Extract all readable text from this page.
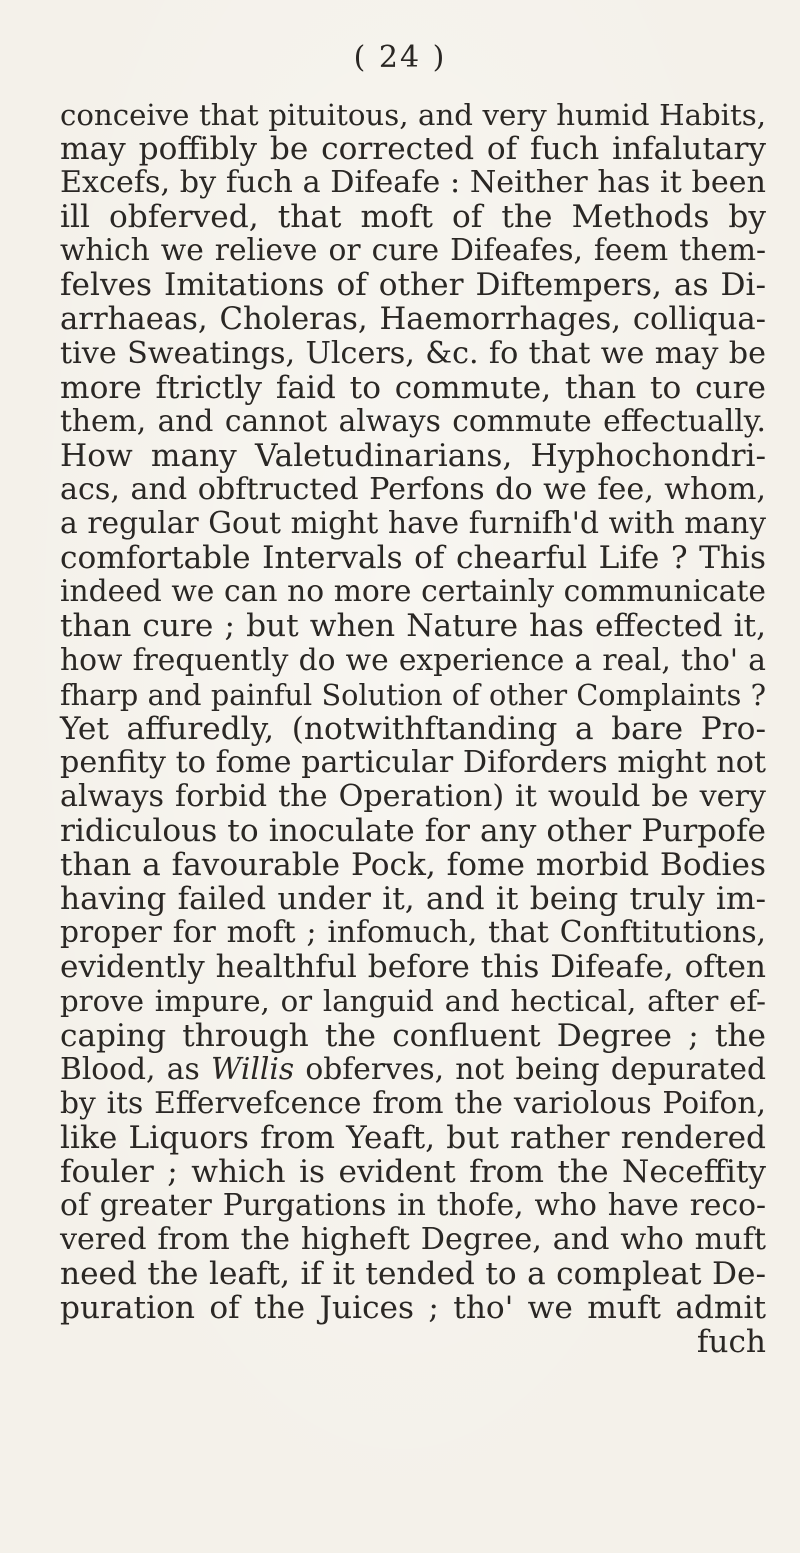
( 24 )
conceive that pituitous, and very humid Habits,
may poffibly be corrected of fuch infalutary
Excefs, by fuch a Difeafe : Neither has it been
ill obferved, that moft of the Methods by
which we relieve or cure Difeafes, feem them-
felves Imitations of other Diftempers, as Di-
arrhaeas, Choleras, Haemorrhages, colliqua-
tive Sweatings, Ulcers, &c. fo that we may be
more ftrictly faid to commute, than to cure
them, and cannot always commute effectually.
How many Valetudinarians, Hyphochondri-
acs, and obftructed Perfons do we fee, whom,
a regular Gout might have furnifh'd with many
comfortable Intervals of chearful Life ? This
indeed we can no more certainly communicate
than cure ; but when Nature has effected it,
how frequently do we experience a real, tho' a
fharp and painful Solution of other Complaints ?
Yet affuredly, (notwithftanding a bare Pro-
penfity to fome particular Diforders might not
always forbid the Operation) it would be very
ridiculous to inoculate for any other Purpofe
than a favourable Pock, fome morbid Bodies
having failed under it, and it being truly im-
proper for moft ; infomuch, that Conftitutions,
evidently healthful before this Difeafe, often
prove impure, or languid and hectical, after ef-
caping through the confluent Degree ; the
Blood, as Willis obferves, not being depurated
by its Effervefcence from the variolous Poifon,
like Liquors from Yeaft, but rather rendered
fouler ; which is evident from the Neceffity
of greater Purgations in thofe, who have reco-
vered from the higheft Degree, and who muft
need the leaft, if it tended to a compleat De-
puration of the Juices ; tho' we muft admit
fuch
